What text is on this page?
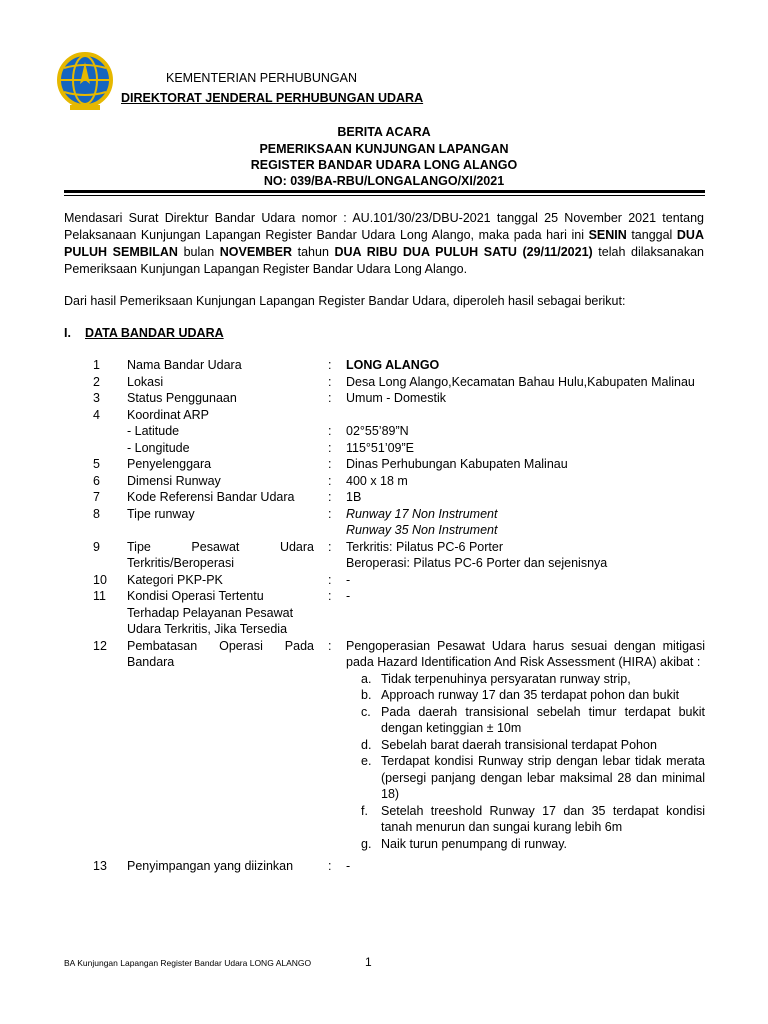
KEMENTERIAN PERHUBUNGAN
DIREKTORAT JENDERAL PERHUBUNGAN UDARA
BERITA ACARA
PEMERIKSAAN KUNJUNGAN LAPANGAN
REGISTER BANDAR UDARA LONG ALANGO
NO: 039/BA-RBU/LONGALANGO/XI/2021
Mendasari Surat Direktur Bandar Udara nomor : AU.101/30/23/DBU-2021 tanggal 25 November 2021 tentang Pelaksanaan Kunjungan Lapangan Register Bandar Udara Long Alango, maka pada hari ini SENIN tanggal DUA PULUH SEMBILAN bulan NOVEMBER tahun DUA RIBU DUA PULUH SATU (29/11/2021) telah dilaksanakan Pemeriksaan Kunjungan Lapangan Register Bandar Udara Long Alango.
Dari hasil Pemeriksaan Kunjungan Lapangan Register Bandar Udara, diperoleh hasil sebagai berikut:
I. DATA BANDAR UDARA
1 Nama Bandar Udara	: LONG ALANGO
2 Lokasi	: Desa Long Alango,Kecamatan Bahau Hulu,Kabupaten Malinau
3 Status Penggunaan	: Umum - Domestik
4 Koordinat ARP
- Latitude	: 02°55’89”N
- Longitude	: 115°51’09”E
5 Penyelenggara	: Dinas Perhubungan Kabupaten Malinau
6 Dimensi Runway	: 400 x 18 m
7 Kode Referensi Bandar Udara	: 1B
8 Tipe runway	: Runway 17 Non Instrument
Runway 35 Non Instrument
9 Tipe Pesawat Udara
Terkritis/Beroperasi
: Terkritis: Pilatus PC-6 Porter
Beroperasi: Pilatus PC-6 Porter dan sejenisnya
10 Kategori PKP-PK	: -
11 Kondisi Operasi Tertentu
Terhadap Pelayanan Pesawat
Udara Terkritis, Jika Tersedia
: -
12 Pembatasan Operasi Pada
Bandara
: Pengoperasian Pesawat Udara harus sesuai dengan mitigasi pada Hazard Identification And Risk Assessment (HIRA) akibat :
a. Tidak terpenuhinya persyaratan runway strip,
b. Approach runway 17 dan 35 terdapat pohon dan bukit
c. Pada daerah transisional sebelah timur terdapat bukit dengan ketinggian ± 10m
d. Sebelah barat daerah transisional terdapat Pohon
e. Terdapat kondisi Runway strip dengan lebar tidak merata (persegi panjang dengan lebar maksimal 28 dan minimal 18)
f. Setelah treeshold Runway 17 dan 35 terdapat kondisi tanah menurun dan sungai kurang lebih 6m
g. Naik turun penumpang di runway.
13 Penyimpangan yang diizinkan	: -
BA Kunjungan Lapangan Register Bandar Udara LONG ALANGO	1
